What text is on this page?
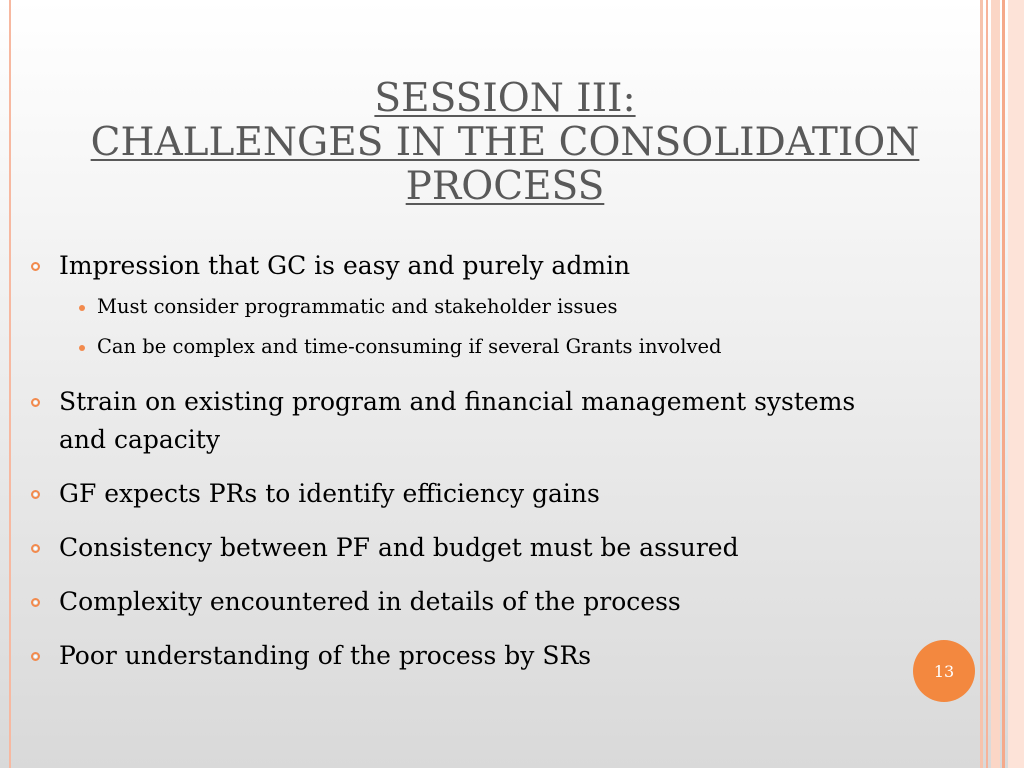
SESSION III:
CHALLENGES IN THE CONSOLIDATION
PROCESS
Impression that GC is easy and purely admin
Must consider programmatic and stakeholder issues
Can be complex and time-consuming if several Grants involved
Strain on existing program and financial management systems and capacity
GF expects PRs to identify efficiency gains
Consistency between PF and budget must be assured
Complexity encountered in details of the process
Poor understanding of the process by SRs
13
